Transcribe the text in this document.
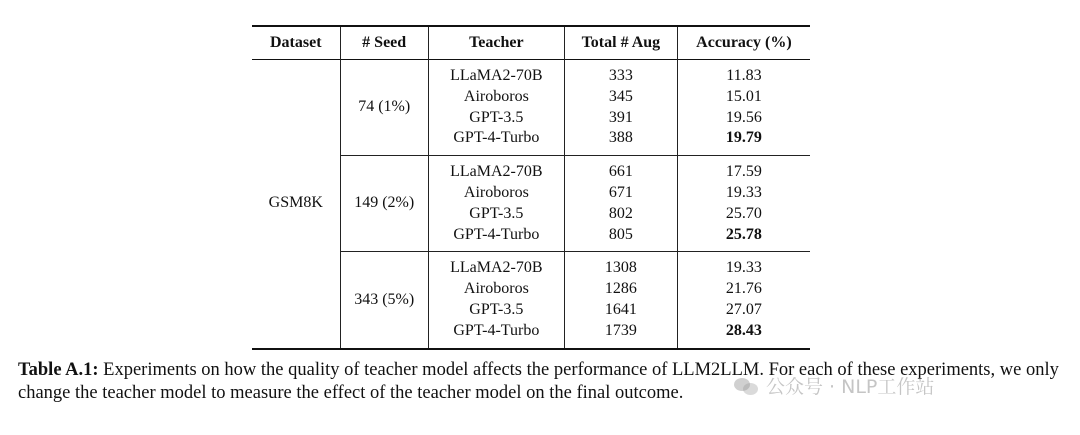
Dataset	# Seed	Teacher	Total # Aug	Accuracy (%)
GSM8K	74 (1%)	LLaMA2-70B	333	11.83
		Airoboros	345	15.01
		GPT-3.5	391	19.56
		GPT-4-Turbo	388	19.79
	149 (2%)	LLaMA2-70B	661	17.59
		Airoboros	671	19.33
		GPT-3.5	802	25.70
		GPT-4-Turbo	805	25.78
	343 (5%)	LLaMA2-70B	1308	19.33
		Airoboros	1286	21.76
		GPT-3.5	1641	27.07
		GPT-4-Turbo	1739	28.43

Table A.1: Experiments on how the quality of teacher model affects the performance of LLM2LLM. For each of these experiments, we only change the teacher model to measure the effect of the teacher model on the final outcome.	公众号 · NLP工作站
